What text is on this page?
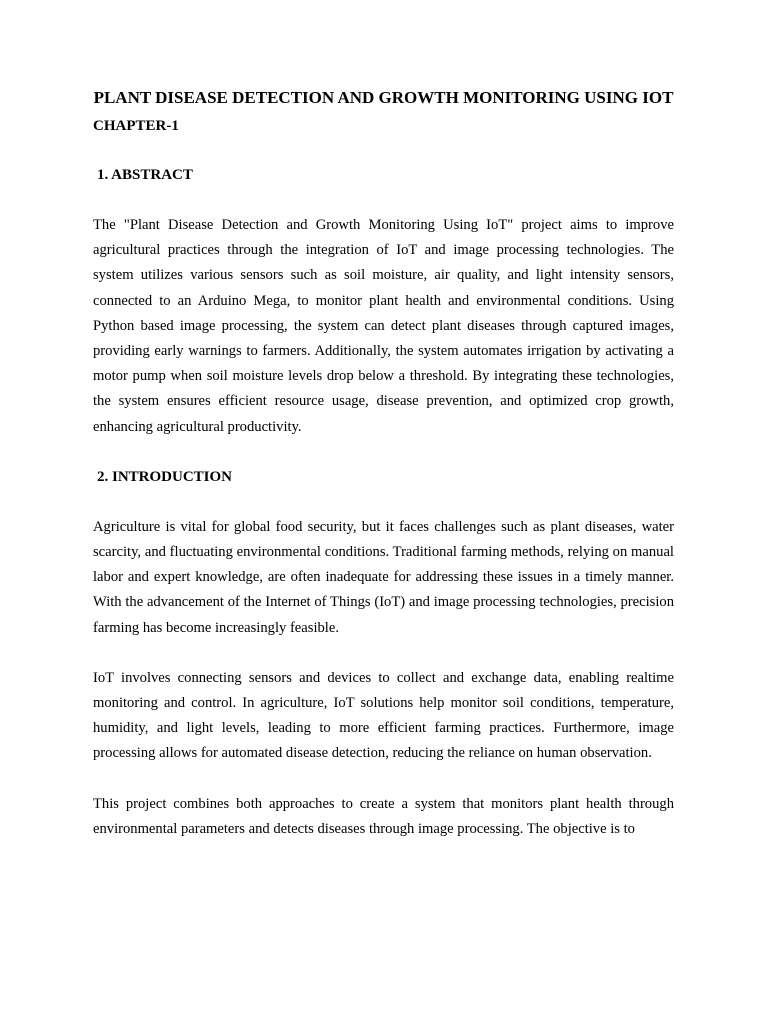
PLANT DISEASE DETECTION AND GROWTH MONITORING USING IOT

CHAPTER-1

1. ABSTRACT

The "Plant Disease Detection and Growth Monitoring Using IoT" project aims to improve agricultural practices through the integration of IoT and image processing technologies. The system utilizes various sensors such as soil moisture, air quality, and light intensity sensors, connected to an Arduino Mega, to monitor plant health and environmental conditions. Using Python based image processing, the system can detect plant diseases through captured images, providing early warnings to farmers. Additionally, the system automates irrigation by activating a motor pump when soil moisture levels drop below a threshold. By integrating these technologies, the system ensures efficient resource usage, disease prevention, and optimized crop growth, enhancing agricultural productivity.

2. INTRODUCTION

Agriculture is vital for global food security, but it faces challenges such as plant diseases, water scarcity, and fluctuating environmental conditions. Traditional farming methods, relying on manual labor and expert knowledge, are often inadequate for addressing these issues in a timely manner. With the advancement of the Internet of Things (IoT) and image processing technologies, precision farming has become increasingly feasible.

IoT involves connecting sensors and devices to collect and exchange data, enabling realtime monitoring and control. In agriculture, IoT solutions help monitor soil conditions, temperature, humidity, and light levels, leading to more efficient farming practices. Furthermore, image processing allows for automated disease detection, reducing the reliance on human observation.

This project combines both approaches to create a system that monitors plant health through environmental parameters and detects diseases through image processing. The objective is to
